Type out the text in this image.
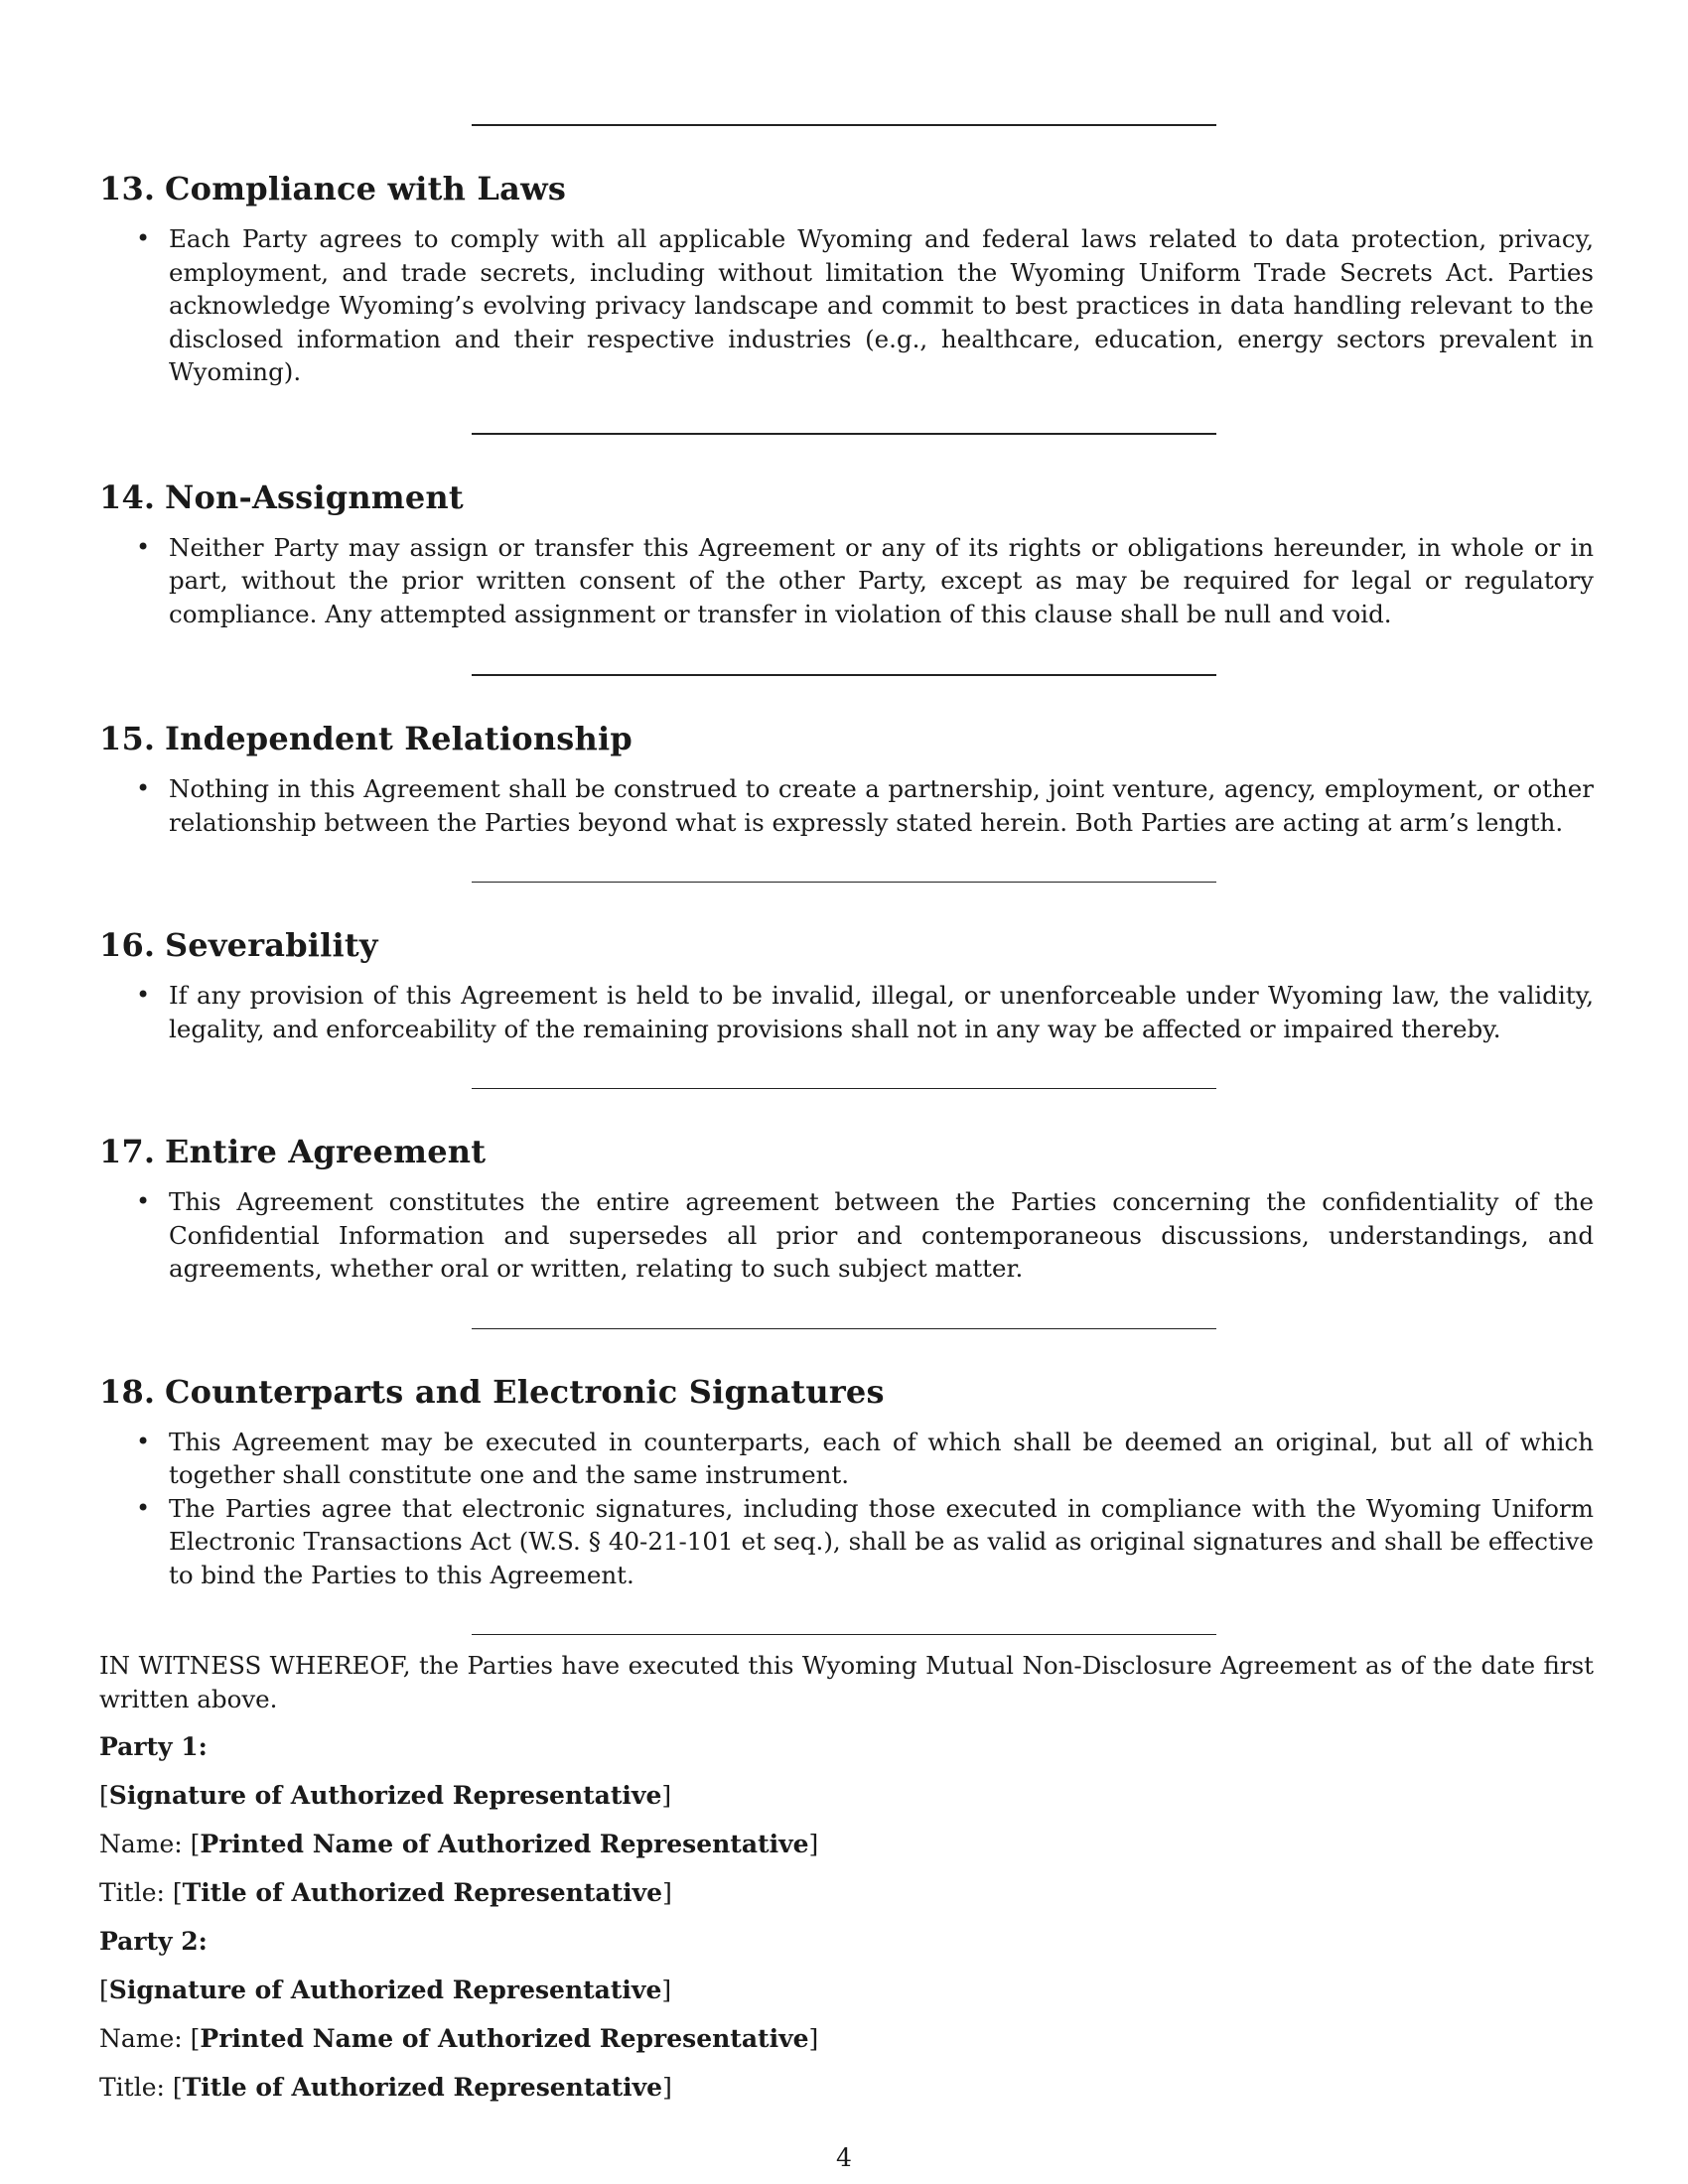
13. Compliance with Laws
• Each Party agrees to comply with all applicable Wyoming and federal laws related to data protection, privacy, employment, and trade secrets, including without limitation the Wyoming Uniform Trade Secrets Act. Parties acknowledge Wyoming’s evolving privacy landscape and commit to best practices in data handling relevant to the disclosed information and their respective industries (e.g., healthcare, education, energy sectors prevalent in Wyoming).
14. Non-Assignment
• Neither Party may assign or transfer this Agreement or any of its rights or obligations hereunder, in whole or in part, without the prior written consent of the other Party, except as may be required for legal or regulatory compliance. Any attempted assignment or transfer in violation of this clause shall be null and void.
15. Independent Relationship
• Nothing in this Agreement shall be construed to create a partnership, joint venture, agency, employment, or other relationship between the Parties beyond what is expressly stated herein. Both Parties are acting at arm’s length.
16. Severability
• If any provision of this Agreement is held to be invalid, illegal, or unenforceable under Wyoming law, the validity, legality, and enforceability of the remaining provisions shall not in any way be affected or impaired thereby.
17. Entire Agreement
• This Agreement constitutes the entire agreement between the Parties concerning the confidentiality of the Confidential Information and supersedes all prior and contemporaneous discussions, understandings, and agreements, whether oral or written, relating to such subject matter.
18. Counterparts and Electronic Signatures
• This Agreement may be executed in counterparts, each of which shall be deemed an original, but all of which together shall constitute one and the same instrument.
• The Parties agree that electronic signatures, including those executed in compliance with the Wyoming Uniform Electronic Transactions Act (W.S. § 40-21-101 et seq.), shall be as valid as original signatures and shall be effective to bind the Parties to this Agreement.

IN WITNESS WHEREOF, the Parties have executed this Wyoming Mutual Non-Disclosure Agreement as of the date first written above.

Party 1:

[Signature of Authorized Representative]

Name: [Printed Name of Authorized Representative]

Title: [Title of Authorized Representative]

Party 2:

[Signature of Authorized Representative]

Name: [Printed Name of Authorized Representative]

Title: [Title of Authorized Representative]

4
